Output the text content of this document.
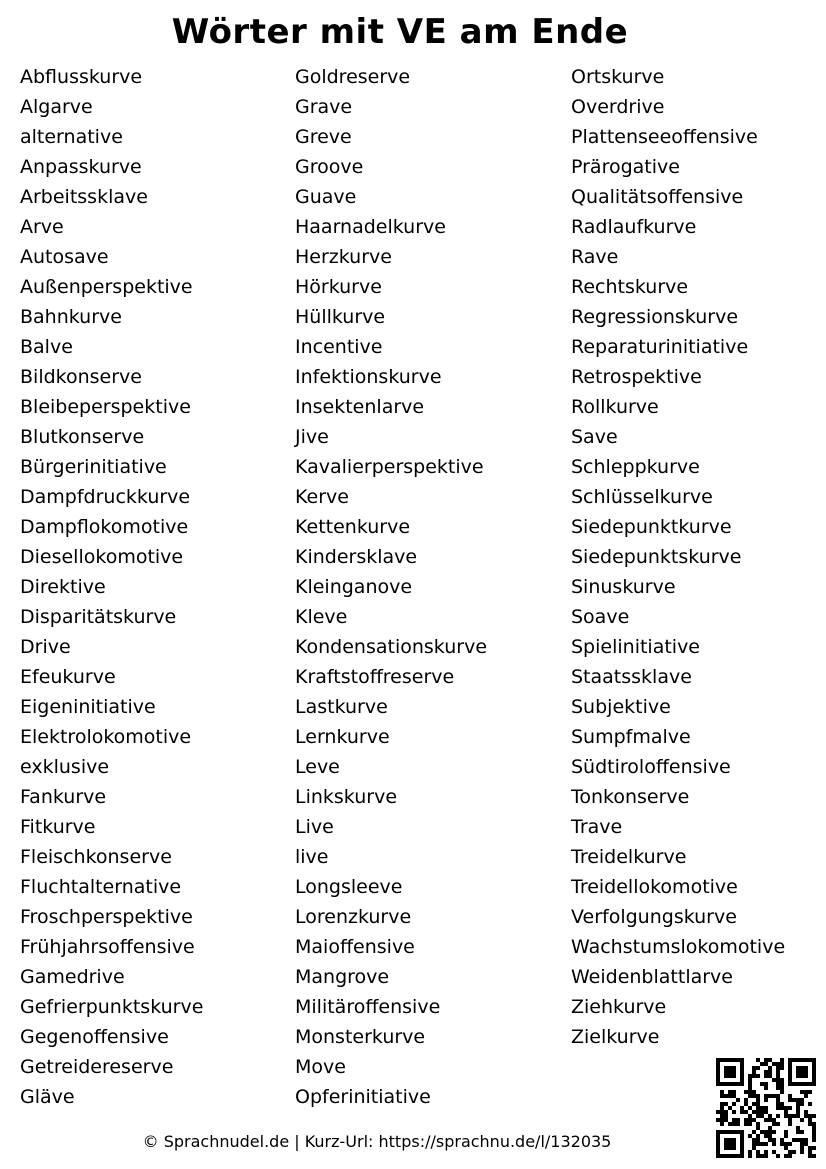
Wörter mit VE am Ende
Abflusskurve
Algarve
alternative
Anpasskurve
Arbeitssklave
Arve
Autosave
Außenperspektive
Bahnkurve
Balve
Bildkonserve
Bleibeperspektive
Blutkonserve
Bürgerinitiative
Dampfdruckkurve
Dampflokomotive
Diesellokomotive
Direktive
Disparitätskurve
Drive
Efeukurve
Eigeninitiative
Elektrolokomotive
exklusive
Fankurve
Fitkurve
Fleischkonserve
Fluchtalternative
Froschperspektive
Frühjahrsoffensive
Gamedrive
Gefrierpunktskurve
Gegenoffensive
Getreidereserve
Gläve
Goldreserve
Grave
Greve
Groove
Guave
Haarnadelkurve
Herzkurve
Hörkurve
Hüllkurve
Incentive
Infektionskurve
Insektenlarve
Jive
Kavalierperspektive
Kerve
Kettenkurve
Kindersklave
Kleinganove
Kleve
Kondensationskurve
Kraftstoffreserve
Lastkurve
Lernkurve
Leve
Linkskurve
Live
live
Longsleeve
Lorenzkurve
Maioffensive
Mangrove
Militäroffensive
Monsterkurve
Move
Opferinitiative
Ortskurve
Overdrive
Plattenseeoffensive
Prärogative
Qualitätsoffensive
Radlaufkurve
Rave
Rechtskurve
Regressionskurve
Reparaturinitiative
Retrospektive
Rollkurve
Save
Schleppkurve
Schlüsselkurve
Siedepunktkurve
Siedepunktskurve
Sinuskurve
Soave
Spielinitiative
Staatssklave
Subjektive
Sumpfmalve
Südtiroloffensive
Tonkonserve
Trave
Treidelkurve
Treidellokomotive
Verfolgungskurve
Wachstumslokomotive
Weidenblattlarve
Ziehkurve
Zielkurve
© Sprachnudel.de | Kurz-Url: https://sprachnu.de/l/132035
